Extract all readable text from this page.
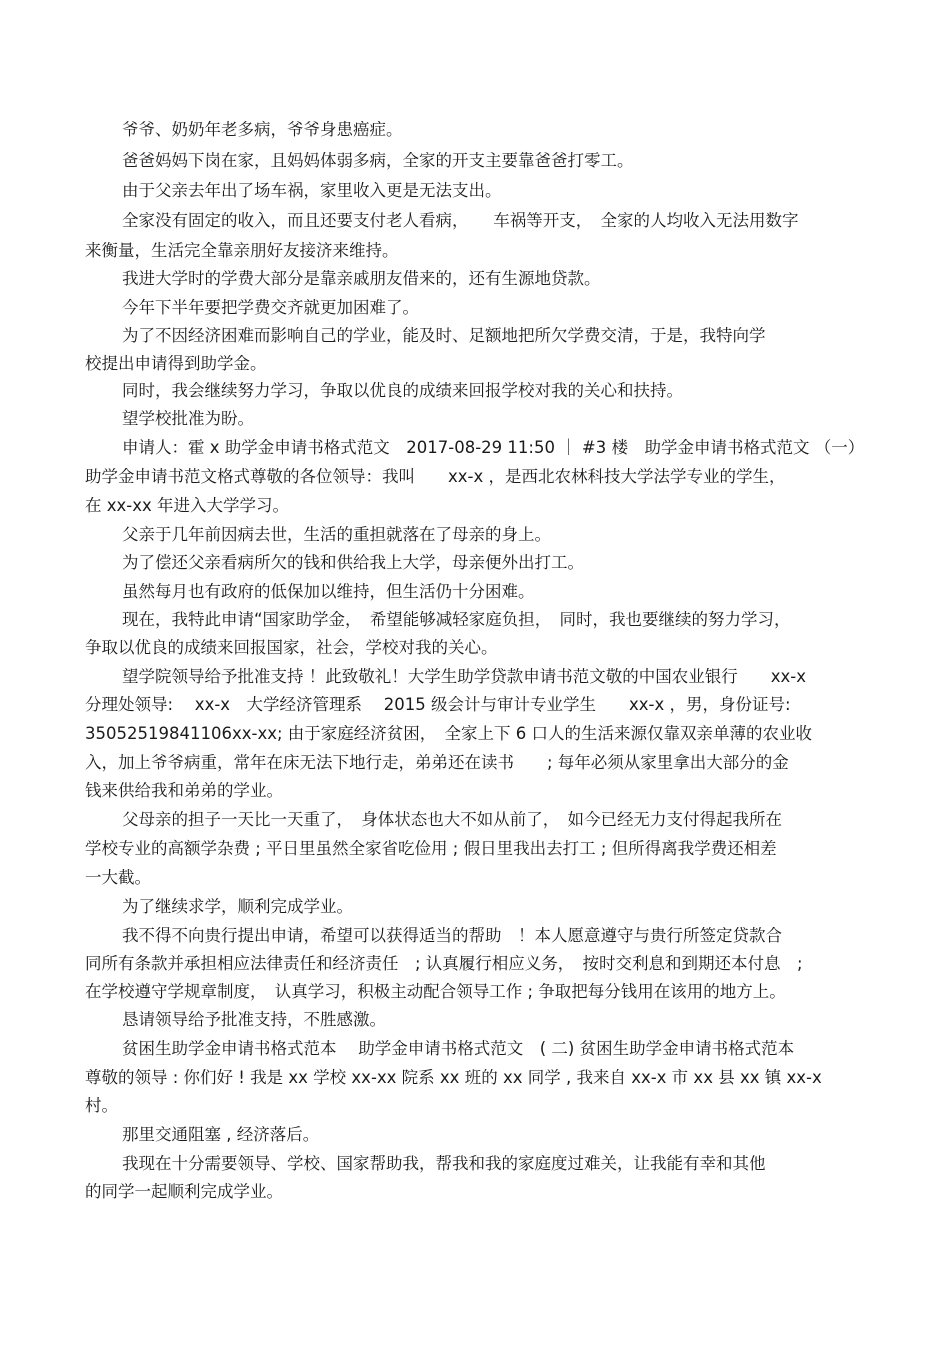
爷爷、奶奶年老多病，爷爷身患癌症。
爸爸妈妈下岗在家，且妈妈体弱多病，全家的开支主要靠爸爸打零工。
由于父亲去年出了场车祸，家里收入更是无法支出。
全家没有固定的收入，而且还要支付老人看病，　　车祸等开支，　全家的人均收入无法用数字
来衡量，生活完全靠亲朋好友接济来维持。
我进大学时的学费大部分是靠亲戚朋友借来的，还有生源地贷款。
今年下半年要把学费交齐就更加困难了。
为了不因经济困难而影响自己的学业，能及时、足额地把所欠学费交清，于是，我特向学
校提出申请得到助学金。
同时，我会继续努力学习，争取以优良的成绩来回报学校对我的关心和扶持。
望学校批准为盼。
申请人：霍 x 助学金申请书格式范文　2017-08-29 11:50 ｜ #3 楼　助学金申请书格式范文 （一）
助学金申请书范文格式尊敬的各位领导：我叫　　xx-x ，是西北农林科技大学法学专业的学生，
在 xx-xx 年进入大学学习。
父亲于几年前因病去世，生活的重担就落在了母亲的身上。
为了偿还父亲看病所欠的钱和供给我上大学，母亲便外出打工。
虽然每月也有政府的低保加以维持，但生活仍十分困难。
现在，我特此申请“国家助学金，　希望能够减轻家庭负担，　同时，我也要继续的努力学习，
争取以优良的成绩来回报国家，社会，学校对我的关心。
望学院领导给予批准支持 ！此致敬礼！大学生助学贷款申请书范文敬的中国农业银行　　xx-x
分理处领导:　 xx-x　大学经济管理系　 2015 级会计与审计专业学生　　xx-x ，男，身份证号:
35052519841106xx-xx; 由于家庭经济贫困，　全家上下 6 口人的生活来源仅靠双亲单薄的农业收
入，加上爷爷病重，常年在床无法下地行走，弟弟还在读书　　; 每年必须从家里拿出大部分的金
钱来供给我和弟弟的学业。
父母亲的担子一天比一天重了，　身体状态也大不如从前了，　如今已经无力支付得起我所在
学校专业的高额学杂费 ; 平日里虽然全家省吃俭用 ; 假日里我出去打工 ; 但所得离我学费还相差
一大截。
为了继续求学，顺利完成学业。
我不得不向贵行提出申请，希望可以获得适当的帮助　！本人愿意遵守与贵行所签定贷款合
同所有条款并承担相应法律责任和经济责任　; 认真履行相应义务，　按时交利息和到期还本付息　;
在学校遵守学规章制度，　认真学习，积极主动配合领导工作 ; 争取把每分钱用在该用的地方上。
恳请领导给予批准支持，不胜感激。
贫困生助学金申请书格式范本　 助学金申请书格式范文　( 二) 贫困生助学金申请书格式范本
尊敬的领导 : 你们好 ! 我是 xx 学校 xx-xx 院系 xx 班的 xx 同学 , 我来自 xx-x 市 xx 县 xx 镇 xx-x
村。
那里交通阻塞 , 经济落后。
我现在十分需要领导、学校、国家帮助我，帮我和我的家庭度过难关，让我能有幸和其他
的同学一起顺利完成学业。
